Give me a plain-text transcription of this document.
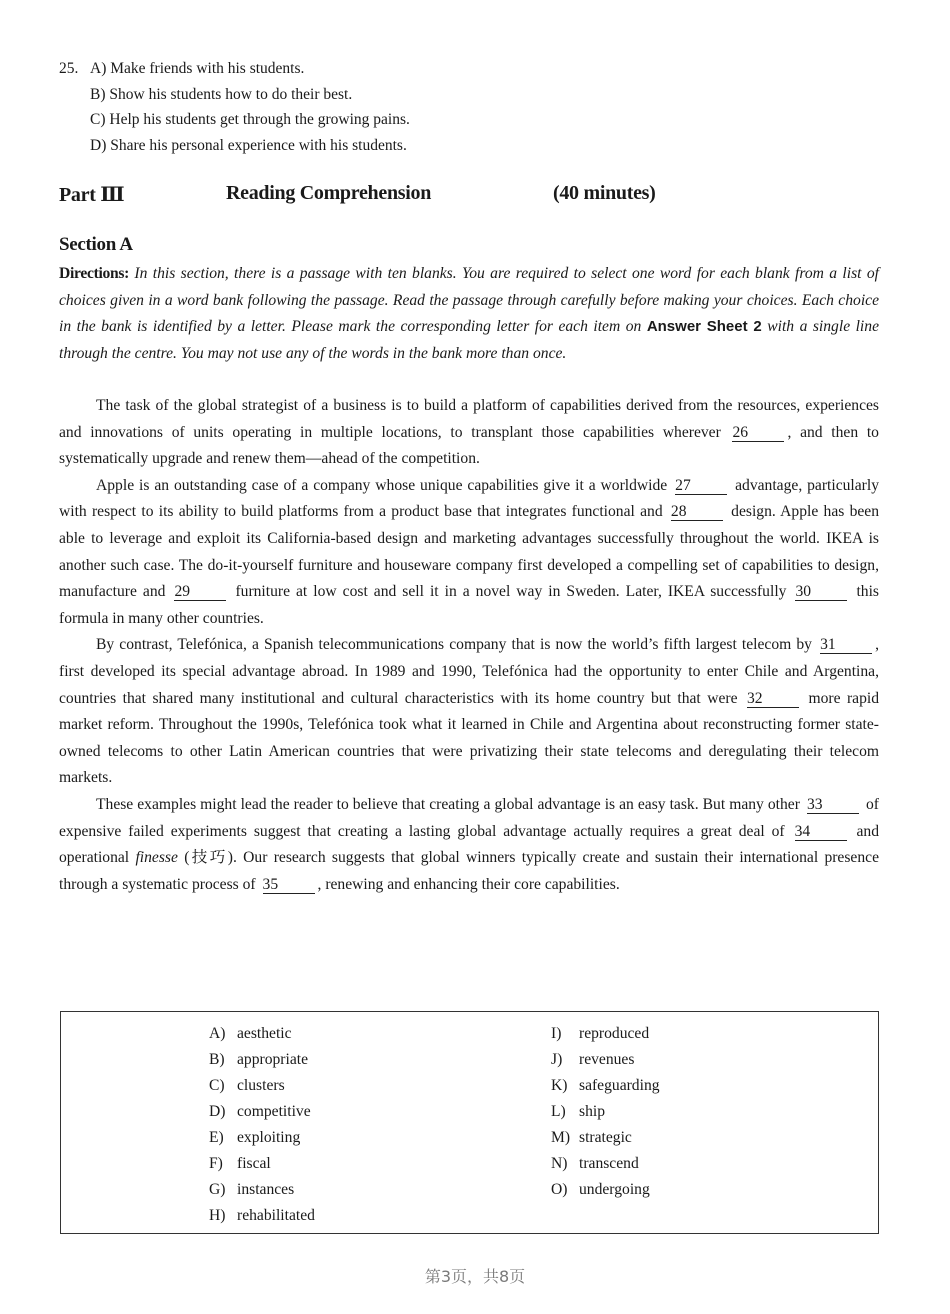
25. A)
Make friends with his students.
B)
Show his students how to do their best.
C)
Help his students get through the growing pains.
D)
Share his personal experience with his students.
Part Ⅲ	Reading Comprehension	(40 minutes)
Section A
Directions: In this section, there is a passage with ten blanks. You are required to select one word for each blank from a list of choices given in a word bank following the passage. Read the passage through carefully before making your choices. Each choice in the bank is identified by a letter. Please mark the corresponding letter for each item on Answer Sheet 2 with a single line through the centre. You may not use any of the words in the bank more than once.

The task of the global strategist of a business is to build a platform of capabilities derived from the resources, experiences and innovations of units operating in multiple locations, to transplant those capabilities wherever 26	, and then to systematically upgrade and renew them—ahead of the competition.

Apple is an outstanding case of a company whose unique capabilities give it a worldwide 27	advantage, particularly with respect to its ability to build platforms from a product base that integrates functional and 28	design. Apple has been able to leverage and exploit its California-based design and marketing advantages successfully throughout the world. IKEA is another such case. The do-it-yourself furniture and houseware company first developed a compelling set of capabilities to design, manufacture and 29	furniture at low cost and sell it in a novel way in Sweden. Later, IKEA successfully 30	this formula in many other countries.

By contrast, Telefónica, a Spanish telecommunications company that is now the world’s fifth largest telecom by 31	, first developed its special advantage abroad. In 1989 and 1990, Telefónica had the opportunity to enter Chile and Argentina, countries that shared many institutional and cultural characteristics with its home country but that were 32	more rapid market reform. Throughout the 1990s, Telefónica took what it learned in Chile and Argentina about reconstructing former state-owned telecoms to other Latin American countries that were privatizing their state telecoms and deregulating their telecom markets.

These examples might lead the reader to believe that creating a global advantage is an easy task. But many other 33	of expensive failed experiments suggest that creating a lasting global advantage actually requires a great deal of 34	and operational finesse (技巧). Our research suggests that global winners typically create and sustain their international presence through a systematic process of 35	, renewing and enhancing their core capabilities.

A) aesthetic
B) appropriate
C) clusters
D) competitive
E) exploiting
F) fiscal
G) instances
H) rehabilitated
I) reproduced
J) revenues
K) safeguarding
L) ship
M) strategic
N) transcend
O) undergoing
第3页，共8页
